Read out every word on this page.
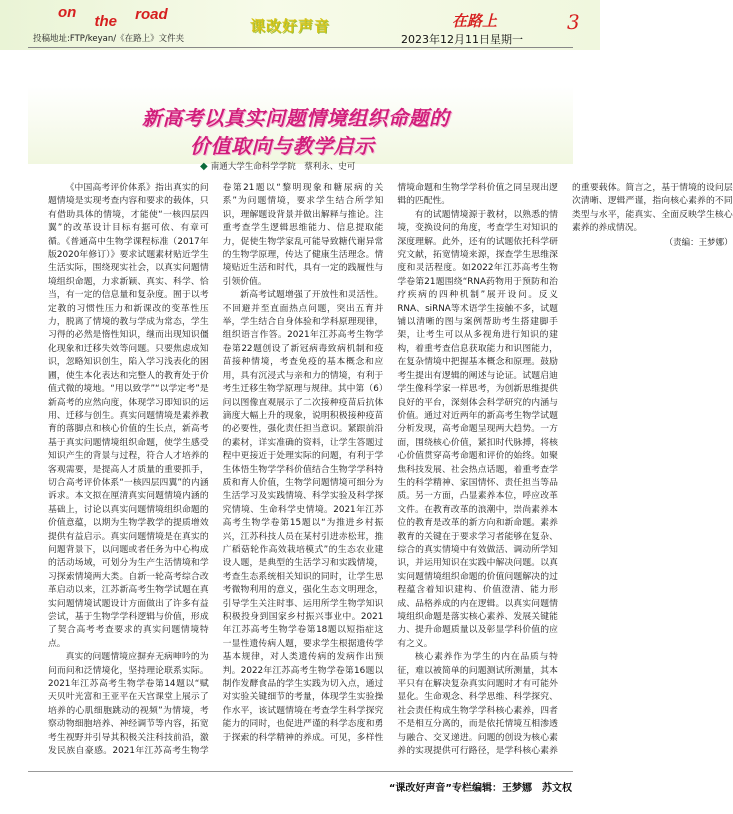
on the road
投稿地址:FTP/keyan/《在路上》文件夹
课改好声音	在路上	3
2023年12月11日星期一
新高考以真实问题情境组织命题的
价值取向与教学启示
◆ 南通大学生命科学学院　蔡利永、史可

《中国高考评价体系》指出真实的问题情境是实现考查内容和要求的载体，只有借助具体的情境，才能使“一核四层四翼”的改革设计目标有据可依、有章可循。《普通高中生物学课程标准（2017年版2020年修订）》要求试题素材贴近学生生活实际，围绕现实社会，以真实问题情境组织命题，力求新颖、真实、科学、恰当，有一定的信息量和复杂度。囿于以考定教的习惯性压力和新课改的变革性压力，脱离了情境的教与学成为常态，学生习得的必然是惰性知识，继而出现知识僵化现象和迁移失效等问题。只要焦虑成知识，忽略知识创生，陷入学习浅表化的困圃，使生本化表达和完整人的教育处于价值式微的境地。“用以致学”“以学定考”是新高考的应然向度，体现学习即知识的运用、迁移与创生。真实问题情境是素养教育的落脚点和核心价值的生长点，新高考基于真实问题情境组织命题，使学生感受知识产生的背景与过程，符合人才培养的客观需要，是提高人才质量的重要抓手，切合高考评价体系“一核四层四翼”的内涵诉求。本文拟在厘清真实问题情境内涵的基础上，讨论以真实问题情境组织命题的价值意蕴，以期为生物学教学的提质增效提供有益启示。真实问题情境是在真实的问题背景下，以问题或者任务为中心构成的活动场域，可划分为生产生活情境和学习探索情境两大类。自新一轮高考综合改革启动以来，江苏新高考生物学试题在真实问题情境试题设计方面做出了许多有益尝试，基于生物学学科逻辑与价值，形成了契合高考考查要求的真实问题情境特点。

真实的问题情境应摒弃无病呻吟的为问而问和泛情境化，坚持理论联系实际。2021年江苏高考生物学卷第14题以“赋天贝叶光富和王亚平在天宫课堂上展示了培养的心肌细胞跳动的视频”为情境，考察动物细胞培养、神经调节等内容，拓宽考生视野并引导其积极关注科技前沿，激发民族自豪感。2021年江苏高考生物学卷第21题以“黎明现象和糖尿病的关系”为问题情境，要求学生结合所学知识，理解题设背景并做出解释与推论。注重考查学生逻辑思维能力、信息提取能力，促使生物学家乱可能导致糖代谢异常的生物学原理，传达了健康生活理念。情境贴近生活和时代，具有一定的践履性与引领价值。

新高考试题增强了开放性和灵活性。不回避并至直面热点问题，突出五育并举，学生结合自身体验和学科原理现律，组织语言作答。2021年江苏高考生物学卷第22题创设了新冠病毒致病机制和疫苗接种情境，考查免疫的基本概念和应用，具有沉浸式与亲和力的情境，有利于考生迁移生物学原理与规律。其中第（6）问以图像直观展示了二次接种疫苗后抗体滴度大幅上升的现象，说明积极接种疫苗的必要性，强化责任担当意识。紧跟前沿的素材，详实准确的资料，让学生答题过程中更接近于处理实际的问题，有利于学生体悟生物学学科价值结合生物学学科特质和育人价值，生物学问题情境可细分为生活学习及实践情境、科学实验及科学探究情境、生命科学史情境。2021年江苏高考生物学卷第15题以“为推进乡村振兴，江苏科技人员在某村引进赤松茸，推广稻菇轮作高效栽培模式”的生态农业建设人题，是典型的生活学习和实践情境，考查生态系统相关知识的同时，让学生思考微物利用的意义，强化生态文明理念，引导学生关注时事、运用所学生物学知识积极投身到国家乡村振兴事业中。2021年江苏高考生物学卷第18题以短指症这一显性遗传病人题，要求学生根据遗传学基本规律，对人类遗传病的发病作出预判。2022年江苏高考生物学卷第16题以制作发酵食品的学生实践为切入点，通过对实验关键细节的考量，体现学生实验操作水平，该试题情境在考查学生科学探究能力的同时，也促进严谨的科学态度和勇于探索的科学精神的养成。可见，多样性情境命题和生物学学科价值之同呈现出逻辑的匹配性。

有的试题情境源于教材，以熟悉的情境，变换设问的角度，考查学生对知识的深度理解。此外，还有的试题依托科学研究文献，拓宽情境来源，探查学生思维深度和灵活程度。如2022年江苏高考生物学卷第21题围绕“RNA药物用于预防和治疗疾病的四种机制”展开设问。反义RNA、siRNA等术语学生接触不多，试题铺以清晰的图与案例帮助考生搭建脚手架，让考生可以从多视角进行知识的建构，着重考查信息获取能力和识图能力，在复杂情境中把握基本概念和原理。鼓励考生提出有逻辑的阐述与论证。试题启迪学生像科学家一样思考，为创新思维提供良好的平台，深刻体会科学研究的内涵与价值。通过对近两年的新高考生物学试题分析发现，高考命题呈现两大趋势。一方面，围绕核心价值，紧扣时代脉搏，将核心价值贯穿高考命题和评价的始终。如聚焦科技发展、社会热点话题，着重考查学生的科学精神、家国情怀、责任担当等品质。另一方面，凸显素养本位，呼应改革文件。在教育改革的浪潮中，崇尚素养本位的教育是改革的新方向和新命题。素养教育的关键在于要求学习者能够在复杂、综合的真实情境中有效做活、调动所学知识，并运用知识在实践中解决问题。以真实问题情境组织命题的价值问题解决的过程蕴含着知识建构、价值澄清、能力形成、品格养成的内在逻辑。以真实问题情境组织命题是落实核心素养、发展关键能力、提升命题质量以及彰显学科价值的应有之义。

核心素养作为学生的内在品质与特征，难以被简单的问题测试所测量，其本平只有在解决复杂真实问题时才有可能外显化。生命观念、科学思维、科学探究、社会责任构成生物学学科核心素养，四者不是相互分离的，而是依托情境互相渗透与融合、交叉递进。问题的创设为核心素养的实现提供可行路径，是学科核心素养的重要载体。简言之，基于情境的设问层次清晰、逻辑严谨，指向核心素养的不同类型与水平，能真实、全面反映学生核心素养的养成情况。

（责编：王梦娜）
“课改好声音”专栏编辑：王梦娜　苏文权
